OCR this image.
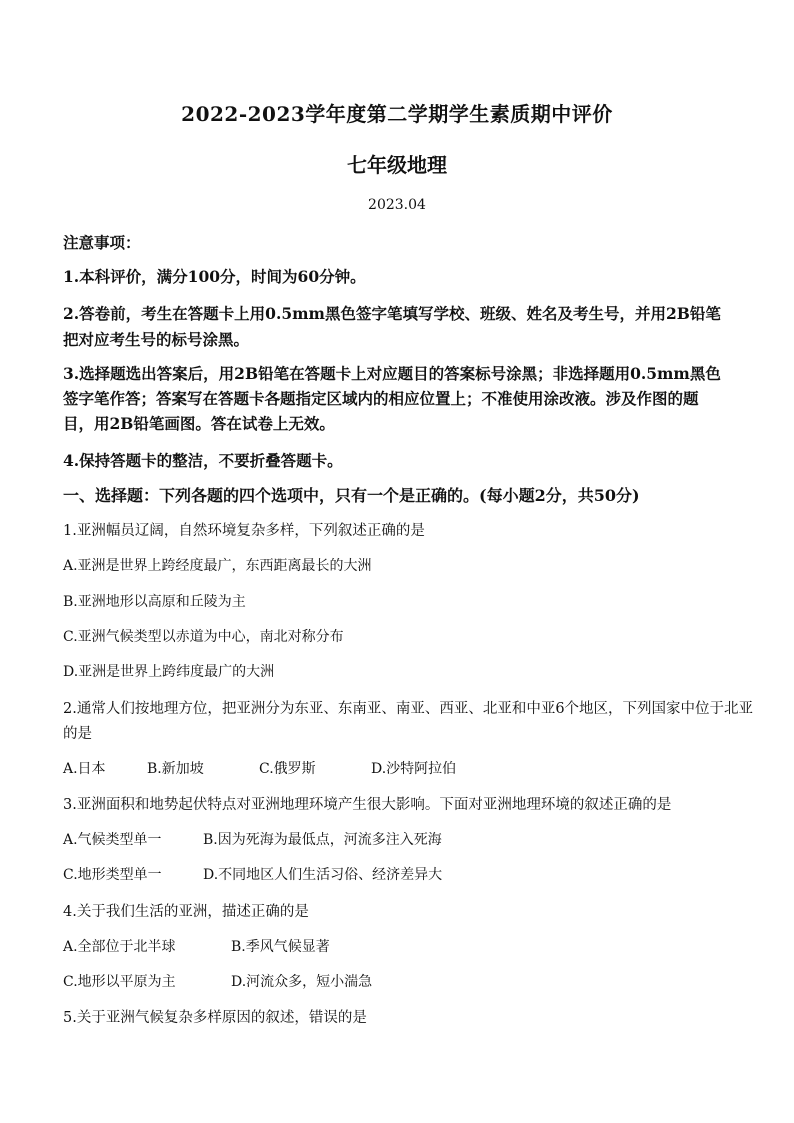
2022-2023学年度第二学期学生素质期中评价
七年级地理
2023.04
注意事项：
1.本科评价，满分100分，时间为60分钟。
2.答卷前，考生在答题卡上用0.5mm黑色签字笔填写学校、班级、姓名及考生号，并用2B铅笔
把对应考生号的标号涂黑。
3.选择题选出答案后，用2B铅笔在答题卡上对应题目的答案标号涂黑；非选择题用0.5mm黑色
签字笔作答；答案写在答题卡各题指定区域内的相应位置上；不准使用涂改液。涉及作图的题
目，用2B铅笔画图。答在试卷上无效。
4.保持答题卡的整洁，不要折叠答题卡。
一、选择题：下列各题的四个选项中，只有一个是正确的。(每小题2分，共50分)
1.亚洲幅员辽阔，自然环境复杂多样，下列叙述正确的是
A.亚洲是世界上跨经度最广，东西距离最长的大洲
B.亚洲地形以高原和丘陵为主
C.亚洲气候类型以赤道为中心，南北对称分布
D.亚洲是世界上跨纬度最广的大洲
2.通常人们按地理方位，把亚洲分为东亚、东南亚、南亚、西亚、北亚和中亚6个地区，下列国家中位于北亚
的是
A.日本	B.新加坡	C.俄罗斯	D.沙特阿拉伯
3.亚洲面积和地势起伏特点对亚洲地理环境产生很大影响。下面对亚洲地理环境的叙述正确的是
A.气候类型单一	B.因为死海为最低点，河流多注入死海
C.地形类型单一	D.不同地区人们生活习俗、经济差异大
4.关于我们生活的亚洲，描述正确的是
A.全部位于北半球	B.季风气候显著
C.地形以平原为主	D.河流众多，短小湍急
5.关于亚洲气候复杂多样原因的叙述，错误的是
